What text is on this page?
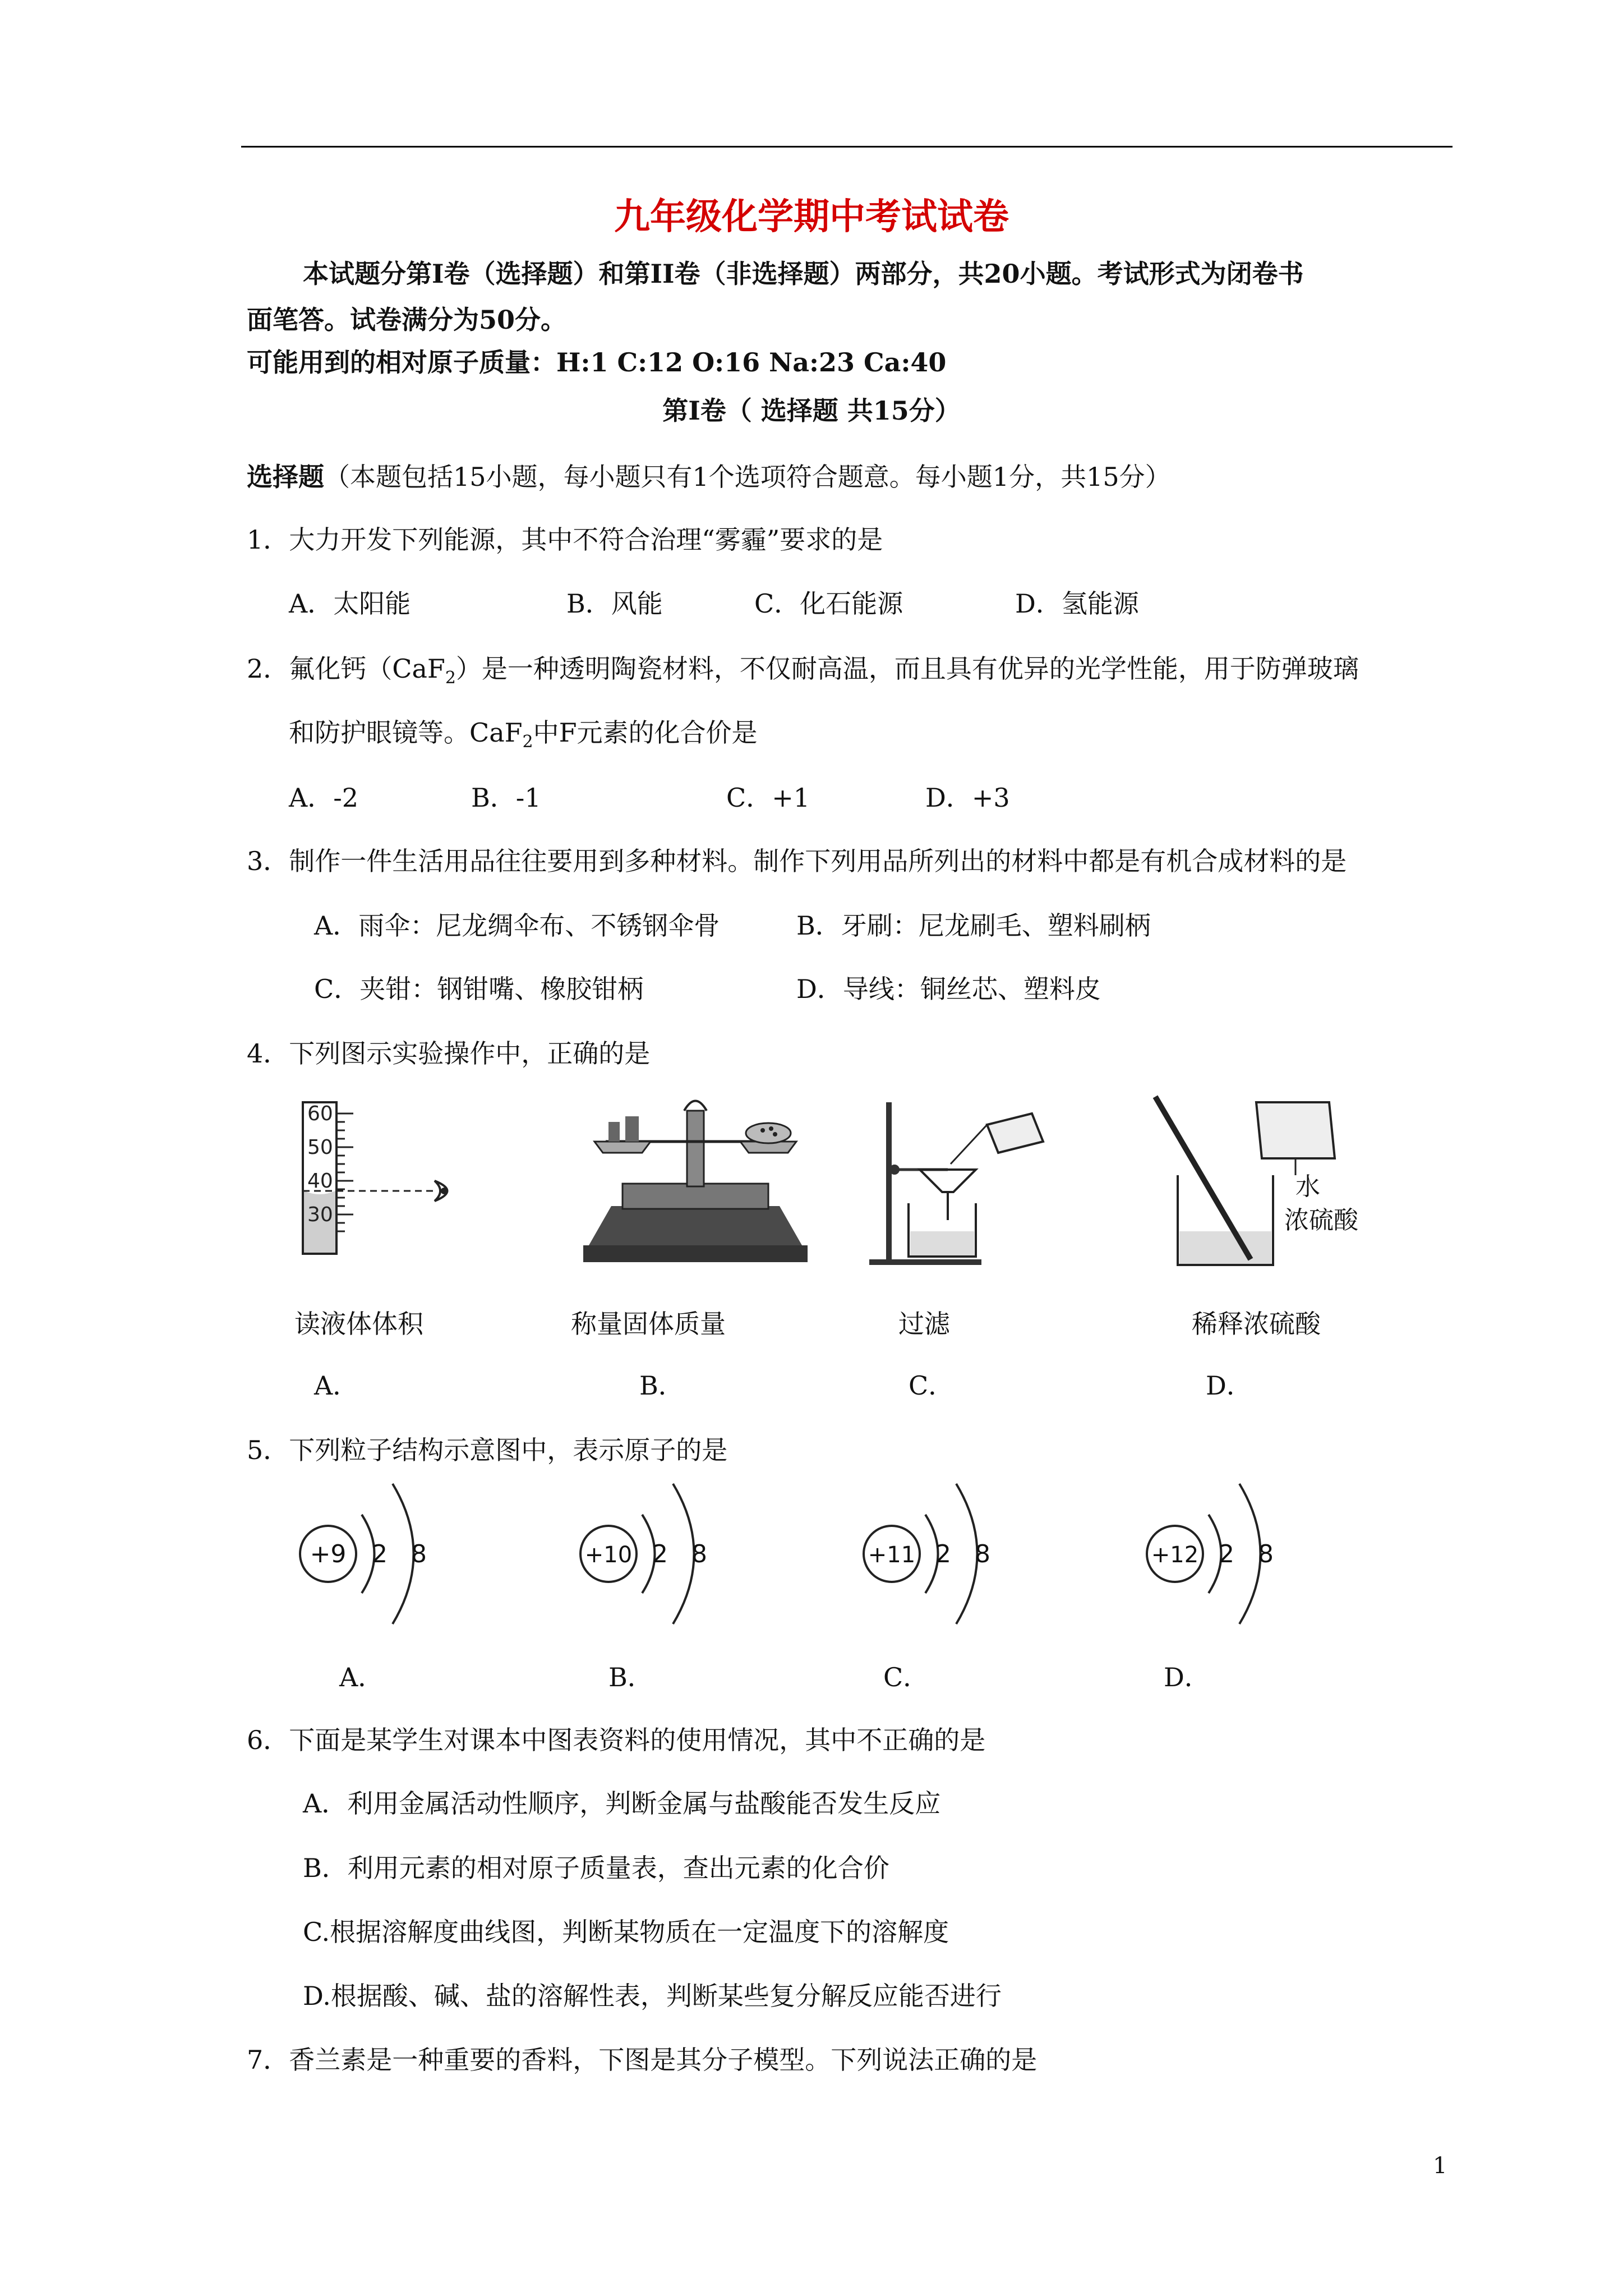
九年级化学期中考试试卷
本试题分第Ⅰ卷（选择题）和第II卷（非选择题）两部分，共20小题。考试形式为闭卷书
面笔答。试卷满分为50分。
可能用到的相对原子质量：H:1 C:12 O:16 Na:23 Ca:40
第Ⅰ卷（ 选择题 共15分）
选择题（本题包括15小题，每小题只有1个选项符合题意。每小题1分，共15分）
1．大力开发下列能源，其中不符合治理“雾霾”要求的是
A．太阳能	B．风能	C．化石能源	D．氢能源
2．氟化钙（CaF$_2$）是一种透明陶瓷材料，不仅耐高温，而且具有优异的光学性能，用于防弹玻璃
和防护眼镜等。CaF$_2$中F元素的化合价是
A．-2	B．-1	C．+1	D．+3
3．制作一件生活用品往往要用到多种材料。制作下列用品所列出的材料中都是有机合成材料的是
A．雨伞：尼龙绸伞布、不锈钢伞骨	B．牙刷：尼龙刷毛、塑料刷柄
C．夹钳：钢钳嘴、橡胶钳柄	D．导线：铜丝芯、塑料皮
4．下列图示实验操作中，正确的是
60
50
40
30
水
浓硫酸
读液体体积	称量固体质量	过滤	稀释浓硫酸
A．	B．	C．	D．
5．下列粒子结构示意图中，表示原子的是
+9 2 8	+10 2 8	+11 2 8	+12 2 8
A．	B．	C．	D．
6．下面是某学生对课本中图表资料的使用情况，其中不正确的是
A．利用金属活动性顺序，判断金属与盐酸能否发生反应
B．利用元素的相对原子质量表，查出元素的化合价
C.根据溶解度曲线图，判断某物质在一定温度下的溶解度
D.根据酸、碱、盐的溶解性表，判断某些复分解反应能否进行
7．香兰素是一种重要的香料，下图是其分子模型。下列说法正确的是
1
